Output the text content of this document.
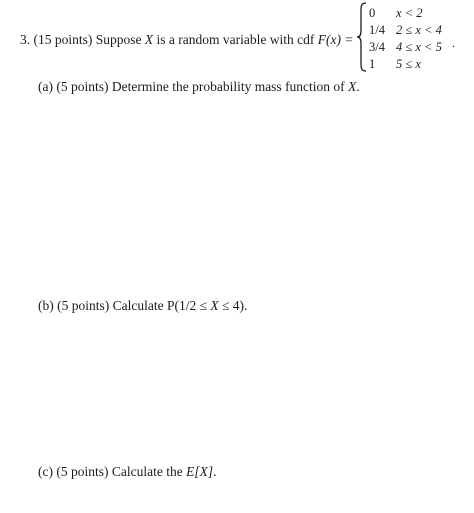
3. (15 points) Suppose X is a random variable with cdf F(x) =
0 x < 2
1/4 2 ≤ x < 4
3/4 4 ≤ x < 5
1 5 ≤ x
.
(a) (5 points) Determine the probability mass function of X.
(b) (5 points) Calculate P(1/2 ≤ X ≤ 4).
(c) (5 points) Calculate the E[X].
